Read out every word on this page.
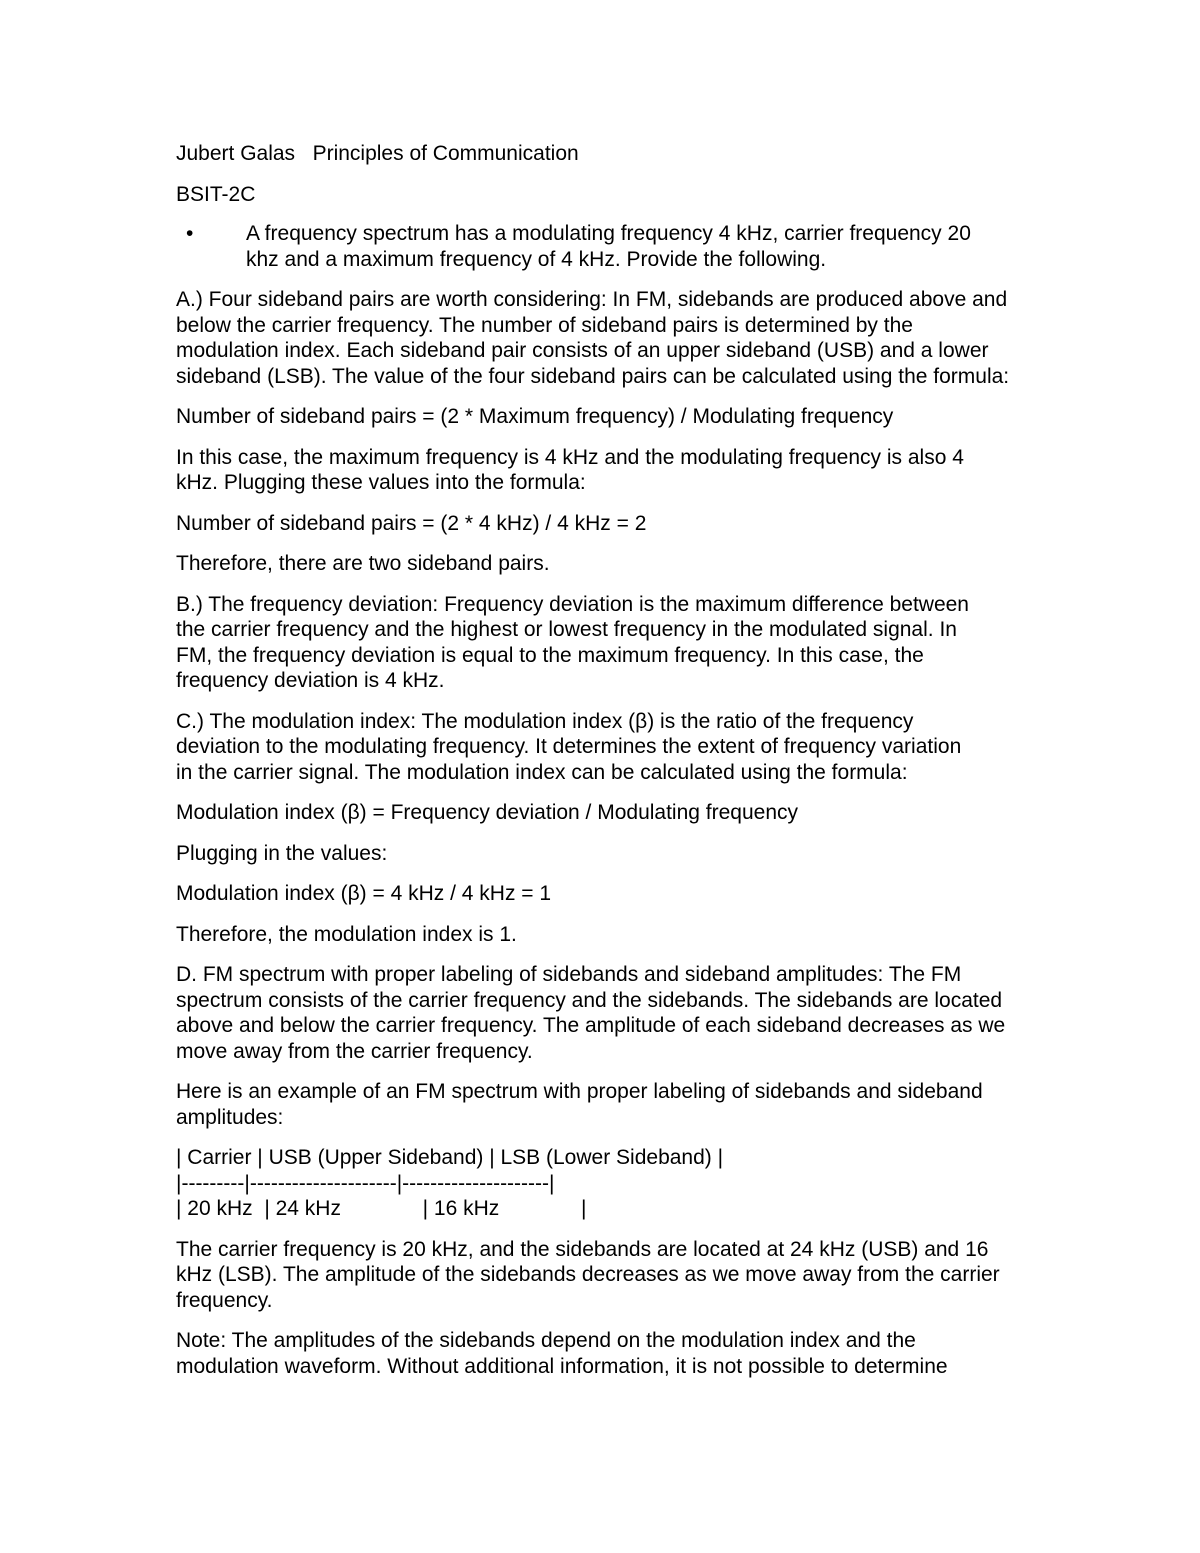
Jubert Galas Principles of Communication

BSIT-2C

•	A frequency spectrum has a modulating frequency 4 kHz, carrier frequency 20
khz and a maximum frequency of 4 kHz. Provide the following.

A.) Four sideband pairs are worth considering: In FM, sidebands are produced above and
below the carrier frequency. The number of sideband pairs is determined by the
modulation index. Each sideband pair consists of an upper sideband (USB) and a lower
sideband (LSB). The value of the four sideband pairs can be calculated using the formula:

Number of sideband pairs = (2 * Maximum frequency) / Modulating frequency

In this case, the maximum frequency is 4 kHz and the modulating frequency is also 4
kHz. Plugging these values into the formula:

Number of sideband pairs = (2 * 4 kHz) / 4 kHz = 2

Therefore, there are two sideband pairs.

B.) The frequency deviation: Frequency deviation is the maximum difference between
the carrier frequency and the highest or lowest frequency in the modulated signal. In
FM, the frequency deviation is equal to the maximum frequency. In this case, the
frequency deviation is 4 kHz.

C.) The modulation index: The modulation index (β) is the ratio of the frequency
deviation to the modulating frequency. It determines the extent of frequency variation
in the carrier signal. The modulation index can be calculated using the formula:

Modulation index (β) = Frequency deviation / Modulating frequency

Plugging in the values:

Modulation index (β) = 4 kHz / 4 kHz = 1

Therefore, the modulation index is 1.

D. FM spectrum with proper labeling of sidebands and sideband amplitudes: The FM
spectrum consists of the carrier frequency and the sidebands. The sidebands are located
above and below the carrier frequency. The amplitude of each sideband decreases as we
move away from the carrier frequency.

Here is an example of an FM spectrum with proper labeling of sidebands and sideband
amplitudes:

| Carrier | USB (Upper Sideband) | LSB (Lower Sideband) |
|---------|---------------------|---------------------|
| 20 kHz  | 24 kHz              | 16 kHz              |

The carrier frequency is 20 kHz, and the sidebands are located at 24 kHz (USB) and 16
kHz (LSB). The amplitude of the sidebands decreases as we move away from the carrier
frequency.

Note: The amplitudes of the sidebands depend on the modulation index and the
modulation waveform. Without additional information, it is not possible to determine
